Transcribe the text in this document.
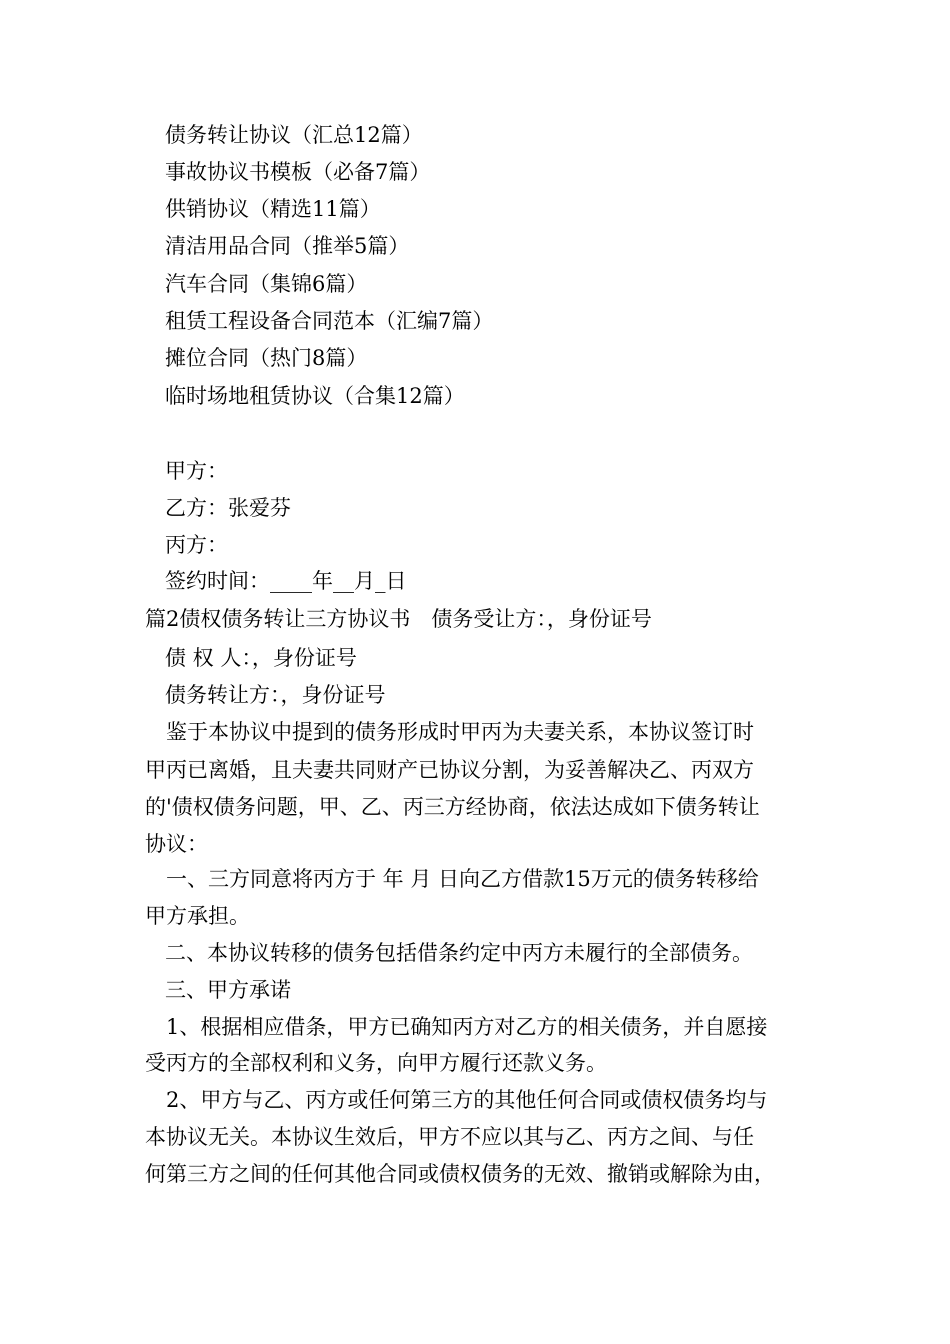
债务转让协议（汇总12篇）
事故协议书模板（必备7篇）
供销协议（精选11篇）
清洁用品合同（推举5篇）
汽车合同（集锦6篇）
租赁工程设备合同范本（汇编7篇）
摊位合同（热门8篇）
临时场地租赁协议（合集12篇）
甲方：
乙方：张爱芬
丙方：
签约时间：____年__月_日
篇2债权债务转让三方协议书　债务受让方：，身份证号
债 权 人：，身份证号
债务转让方：，身份证号
　鉴于本协议中提到的债务形成时甲丙为夫妻关系，本协议签订时
甲丙已离婚，且夫妻共同财产已协议分割，为妥善解决乙、丙双方
的'债权债务问题，甲、乙、丙三方经协商，依法达成如下债务转让
协议：
　一、三方同意将丙方于 年 月 日向乙方借款15万元的债务转移给
甲方承担。
二、本协议转移的债务包括借条约定中丙方未履行的全部债务。
三、甲方承诺
　1、根据相应借条，甲方已确知丙方对乙方的相关债务，并自愿接
受丙方的全部权利和义务，向甲方履行还款义务。
　2、甲方与乙、丙方或任何第三方的其他任何合同或债权债务均与
本协议无关。本协议生效后，甲方不应以其与乙、丙方之间、与任
何第三方之间的任何其他合同或债权债务的无效、撤销或解除为由，
